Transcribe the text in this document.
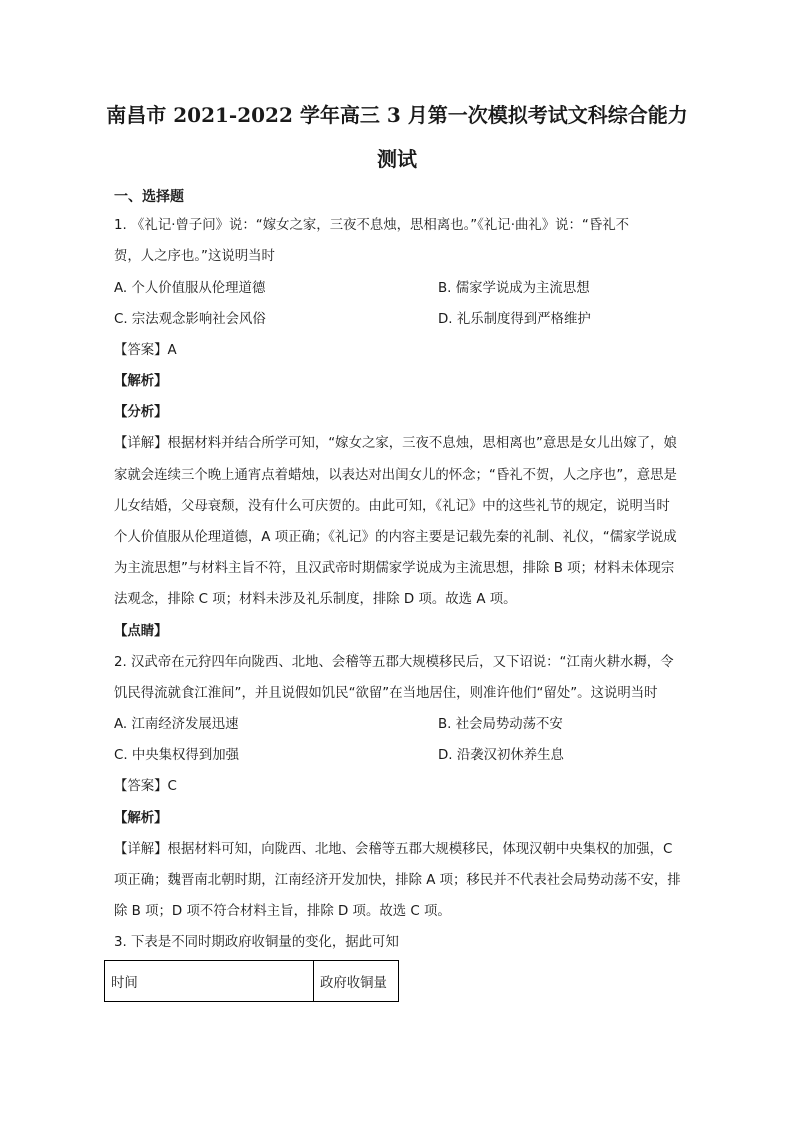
南昌市 2021-2022 学年高三 3 月第一次模拟考试文科综合能力
测试
一、选择题
1. 《礼记·曾子问》说：“嫁女之家，三夜不息烛，思相离也。”《礼记·曲礼》说：“昏礼不
贺，人之序也。”这说明当时
A. 个人价值服从伦理道德	B. 儒家学说成为主流思想
C. 宗法观念影响社会风俗	D. 礼乐制度得到严格维护
【答案】A
【解析】
【分析】
【详解】根据材料并结合所学可知，“嫁女之家，三夜不息烛，思相离也”意思是女儿出嫁了，娘
家就会连续三个晚上通宵点着蜡烛，以表达对出闺女儿的怀念；“昏礼不贺，人之序也”，意思是
儿女结婚，父母衰颓，没有什么可庆贺的。由此可知，《礼记》中的这些礼节的规定，说明当时
个人价值服从伦理道德，A 项正确；《礼记》的内容主要是记载先秦的礼制、礼仪，“儒家学说成
为主流思想”与材料主旨不符，且汉武帝时期儒家学说成为主流思想，排除 B 项；材料未体现宗
法观念，排除 C 项；材料未涉及礼乐制度，排除 D 项。故选 A 项。
【点睛】
2. 汉武帝在元狩四年向陇西、北地、会稽等五郡大规模移民后，又下诏说：“江南火耕水耨，令
饥民得流就食江淮间”，并且说假如饥民“欲留”在当地居住，则准许他们“留处”。这说明当时
A. 江南经济发展迅速	B. 社会局势动荡不安
C. 中央集权得到加强	D. 沿袭汉初休养生息
【答案】C
【解析】
【详解】根据材料可知，向陇西、北地、会稽等五郡大规模移民，体现汉朝中央集权的加强，C
项正确；魏晋南北朝时期，江南经济开发加快，排除 A 项；移民并不代表社会局势动荡不安，排
除 B 项；D 项不符合材料主旨，排除 D 项。故选 C 项。
3. 下表是不同时期政府收铜量的变化，据此可知
时间	政府收铜量
